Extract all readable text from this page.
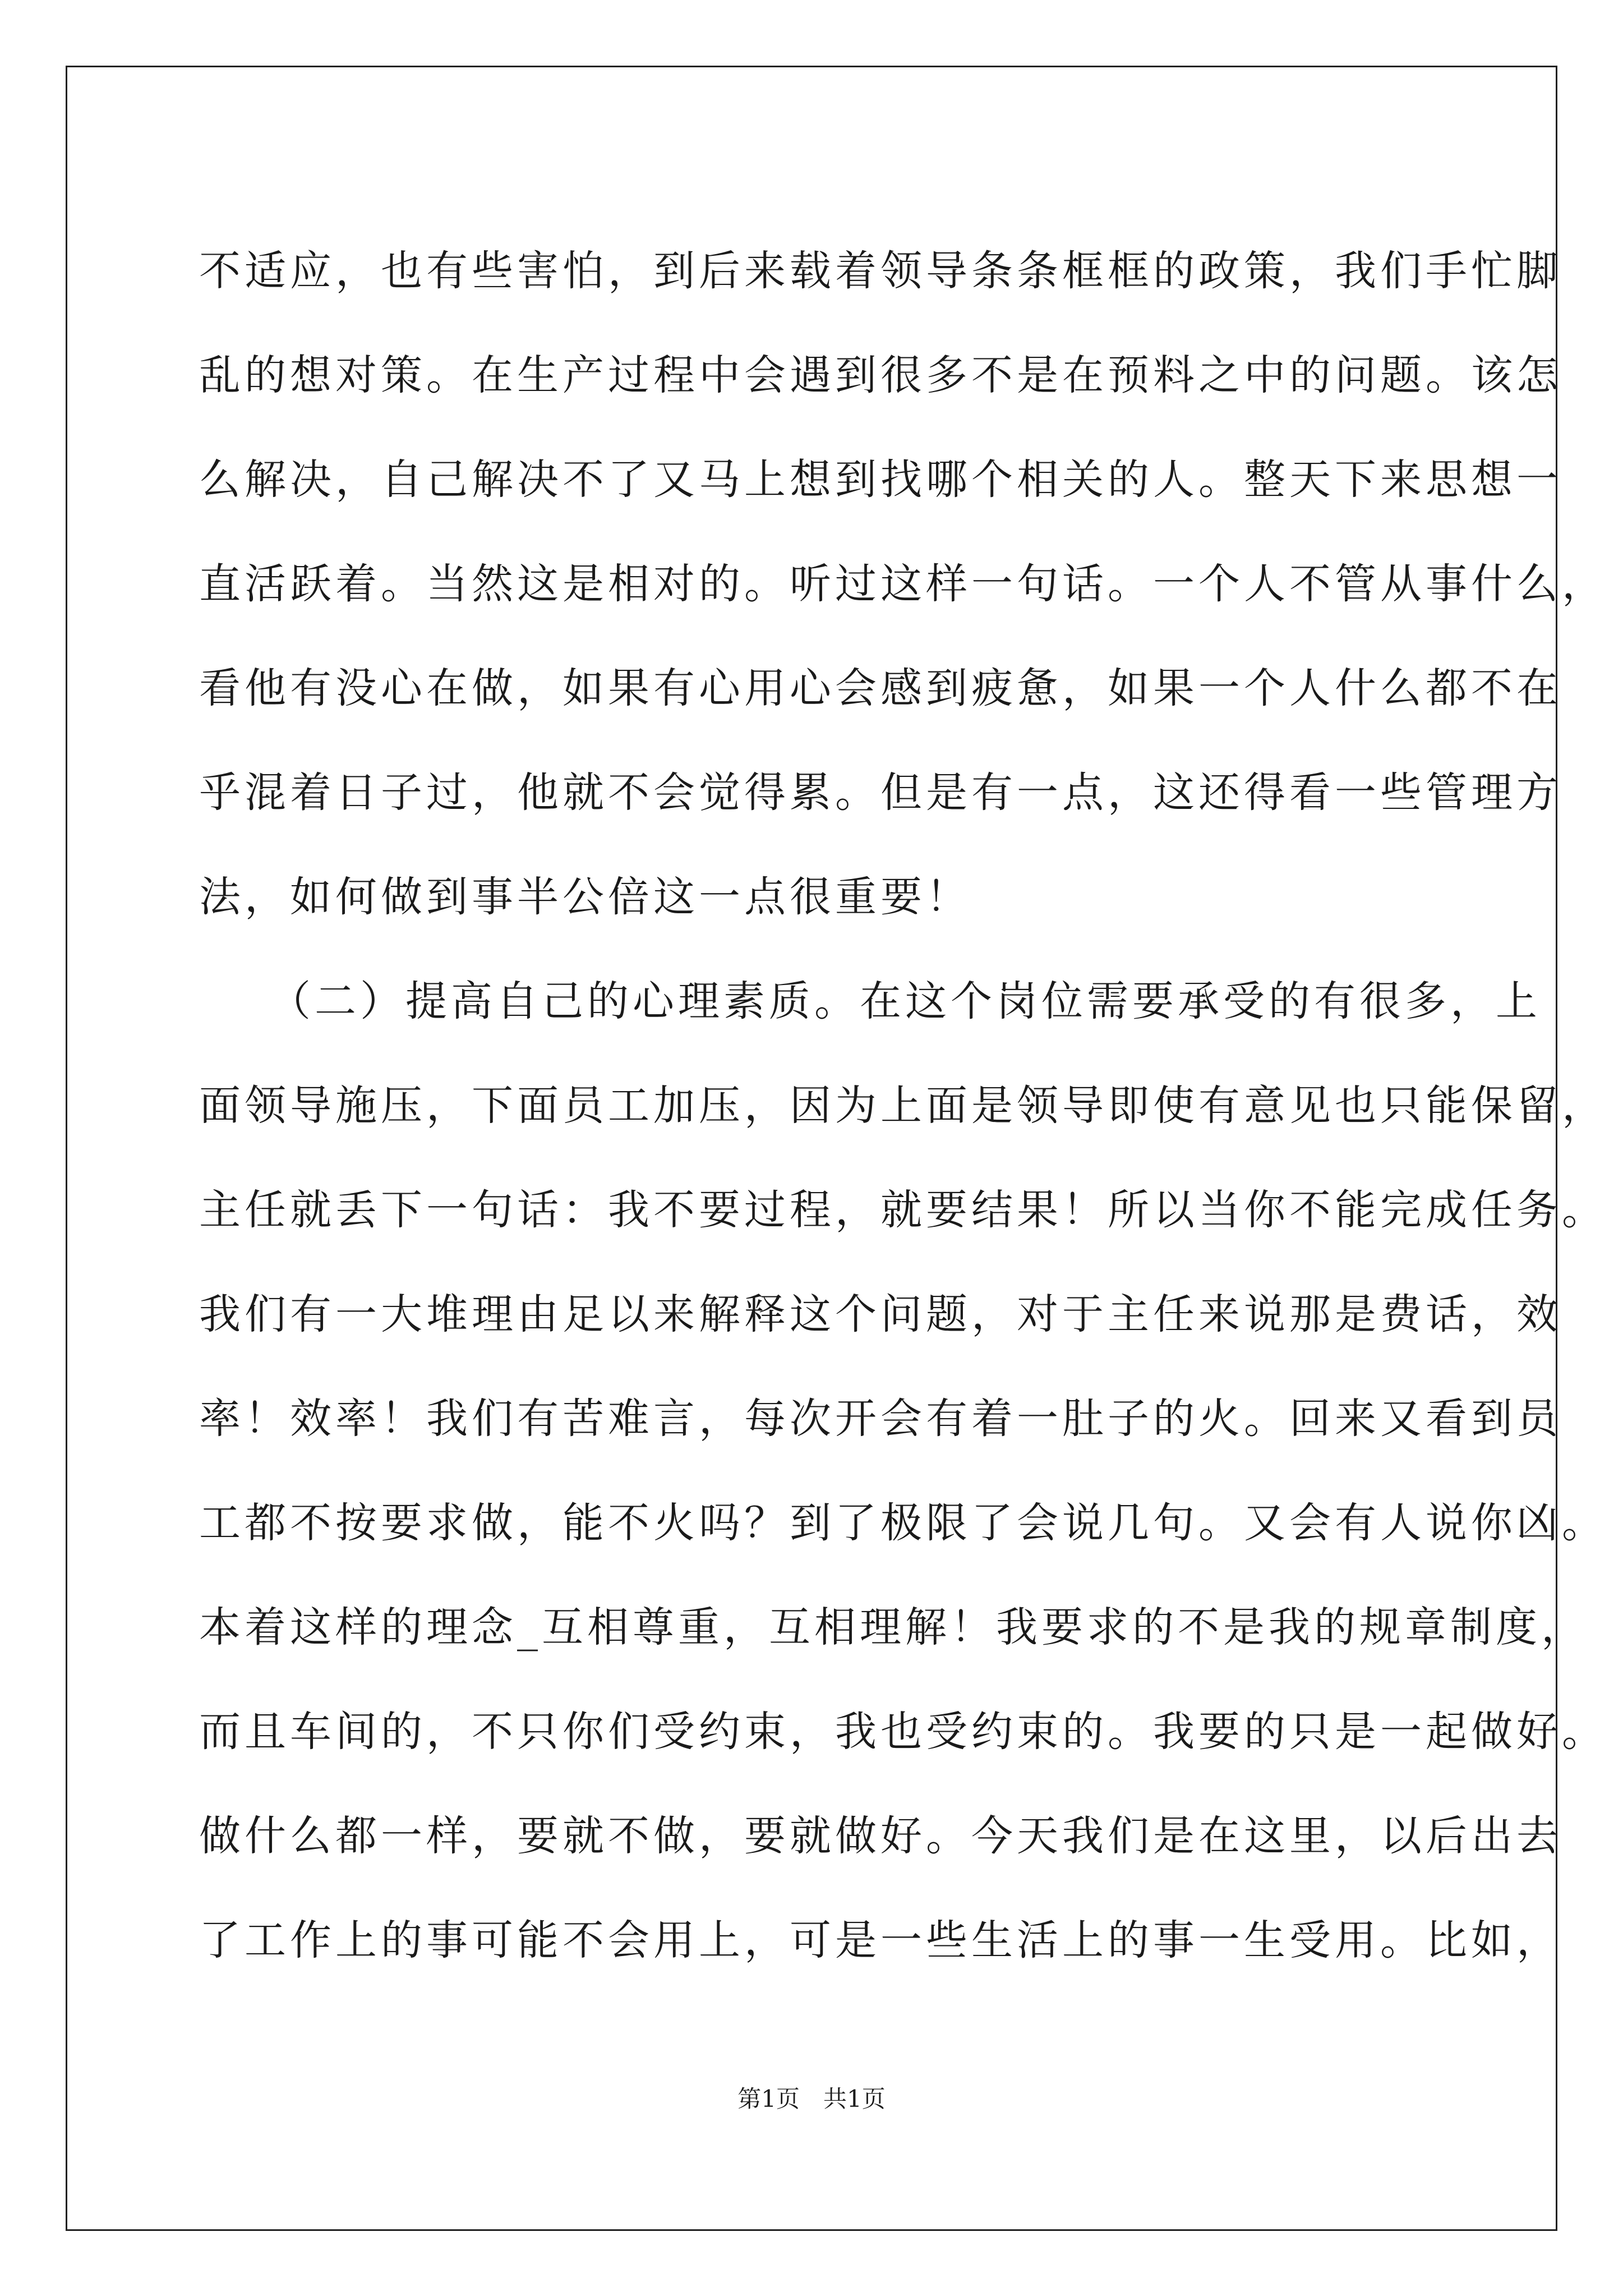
不适应，也有些害怕，到后来载着领导条条框框的政策，我们手忙脚
乱的想对策。在生产过程中会遇到很多不是在预料之中的问题。该怎
么解决，自己解决不了又马上想到找哪个相关的人。整天下来思想一
直活跃着。当然这是相对的。听过这样一句话。一个人不管从事什么，
看他有没心在做，如果有心用心会感到疲惫，如果一个人什么都不在
乎混着日子过，他就不会觉得累。但是有一点，这还得看一些管理方
法，如何做到事半公倍这一点很重要！
　　（二）提高自己的心理素质。在这个岗位需要承受的有很多，上
面领导施压，下面员工加压，因为上面是领导即使有意见也只能保留，
主任就丢下一句话：我不要过程，就要结果！所以当你不能完成任务。
我们有一大堆理由足以来解释这个问题，对于主任来说那是费话，效
率！效率！我们有苦难言，每次开会有着一肚子的火。回来又看到员
工都不按要求做，能不火吗？到了极限了会说几句。又会有人说你凶。
本着这样的理念_互相尊重，互相理解！我要求的不是我的规章制度，
而且车间的，不只你们受约束，我也受约束的。我要的只是一起做好。
做什么都一样，要就不做，要就做好。今天我们是在这里，以后出去
了工作上的事可能不会用上，可是一些生活上的事一生受用。比如，
第1页　共1页
